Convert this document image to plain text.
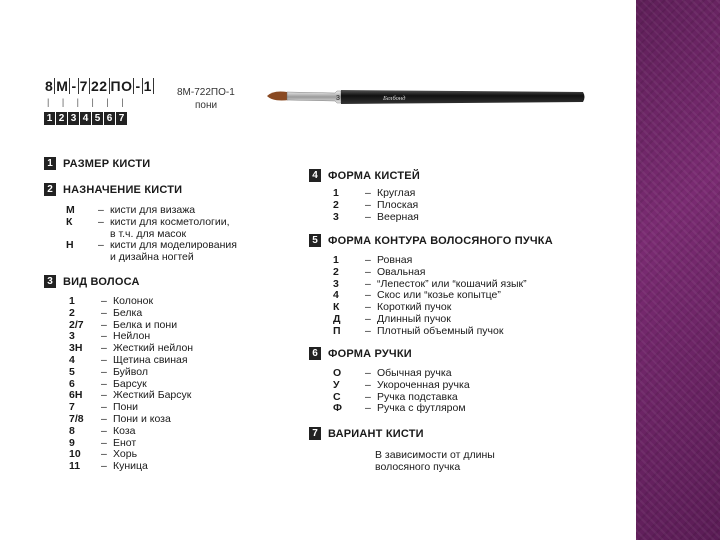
8 М - 7 22 ПО - 1
| | | | | |
1 2 3 4 5 6 7
8М-722ПО-1
пони
3	Белбонд
1 РАЗМЕР КИСТИ
2 НАЗНАЧЕНИЕ КИСТИ
М	– кисти для визажа
К	– кисти для косметологии,
в т.ч. для масок
Н	– кисти для моделирования
и дизайна ногтей
3 ВИД ВОЛОСА
1	– Колонок
2	– Белка
2/7	– Белка и пони
3	– Нейлон
3Н	– Жесткий нейлон
4	– Щетина свиная
5	– Буйвол
6	– Барсук
6Н	– Жесткий Барсук
7	– Пони
7/8	– Пони и коза
8	– Коза
9	– Енот
10	– Хорь
11	– Куница
4 ФОРМА КИСТЕЙ
1	– Круглая
2	– Плоская
3	– Веерная
5 ФОРМА КОНТУРА ВОЛОСЯНОГО ПУЧКА
1	– Ровная
2	– Овальная
3	– “Лепесток” или “кошачий язык”
4	– Скос или “козье копытце”
К	– Короткий пучок
Д	– Длинный пучок
П	– Плотный объемный пучок
6 ФОРМА РУЧКИ
О	– Обычная ручка
У	– Укороченная ручка
С	– Ручка подставка
Ф	– Ручка с футляром
7 ВАРИАНТ КИСТИ
В зависимости от длины
волосяного пучка
